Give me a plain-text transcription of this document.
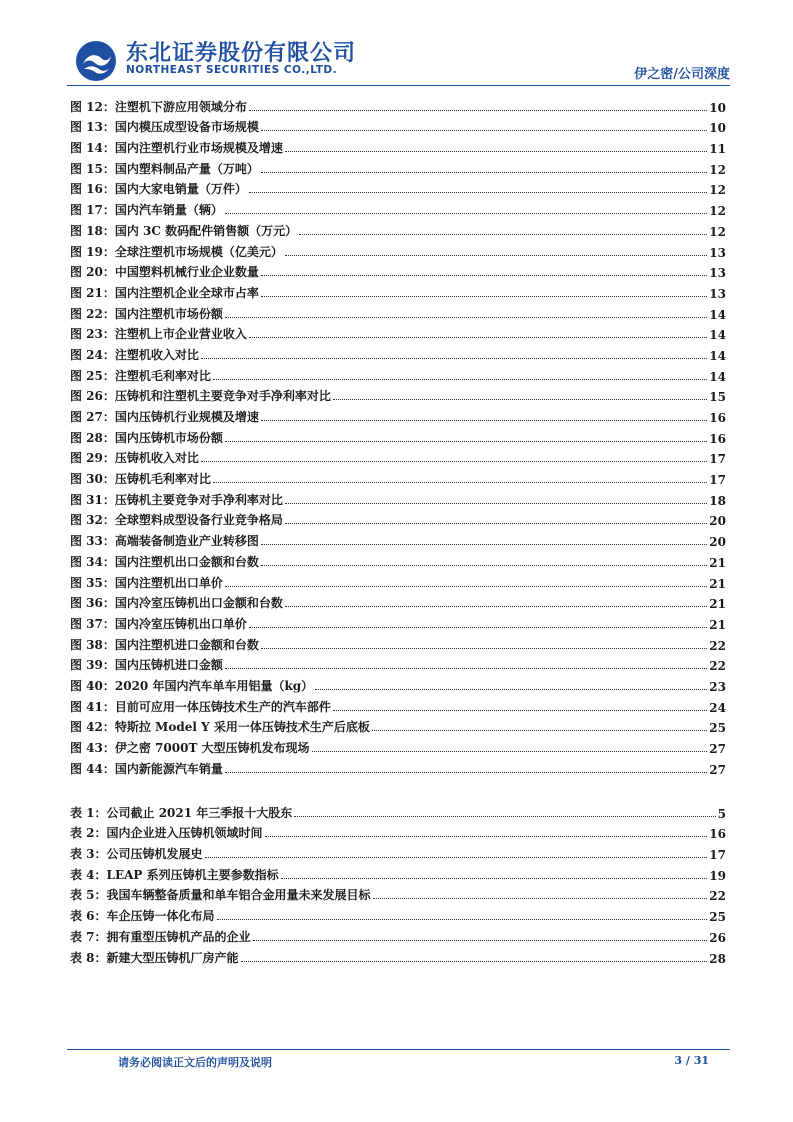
东北证券股份有限公司
NORTHEAST SECURITIES CO.,LTD.	伊之密/公司深度
图 12：注塑机下游应用领域分布	10
图 13：国内模压成型设备市场规模	10
图 14：国内注塑机行业市场规模及增速	11
图 15：国内塑料制品产量（万吨）	12
图 16：国内大家电销量（万件）	12
图 17：国内汽车销量（辆）	12
图 18：国内 3C 数码配件销售额（万元）	12
图 19：全球注塑机市场规模（亿美元）	13
图 20：中国塑料机械行业企业数量	13
图 21：国内注塑机企业全球市占率	13
图 22：国内注塑机市场份额	14
图 23：注塑机上市企业营业收入	14
图 24：注塑机收入对比	14
图 25：注塑机毛利率对比	14
图 26：压铸机和注塑机主要竞争对手净利率对比	15
图 27：国内压铸机行业规模及增速	16
图 28：国内压铸机市场份额	16
图 29：压铸机收入对比	17
图 30：压铸机毛利率对比	17
图 31：压铸机主要竞争对手净利率对比	18
图 32：全球塑料成型设备行业竞争格局	20
图 33：高端装备制造业产业转移图	20
图 34：国内注塑机出口金额和台数	21
图 35：国内注塑机出口单价	21
图 36：国内冷室压铸机出口金额和台数	21
图 37：国内冷室压铸机出口单价	21
图 38：国内注塑机进口金额和台数	22
图 39：国内压铸机进口金额	22
图 40：2020 年国内汽车单车用铝量（kg）	23
图 41：目前可应用一体压铸技术生产的汽车部件	24
图 42：特斯拉 Model Y 采用一体压铸技术生产后底板	25
图 43：伊之密 7000T 大型压铸机发布现场	27
图 44：国内新能源汽车销量	27
表 1：公司截止 2021 年三季报十大股东	5
表 2：国内企业进入压铸机领域时间	16
表 3：公司压铸机发展史	17
表 4：LEAP 系列压铸机主要参数指标	19
表 5：我国车辆整备质量和单车铝合金用量未来发展目标	22
表 6：车企压铸一体化布局	25
表 7：拥有重型压铸机产品的企业	26
表 8：新建大型压铸机厂房产能	28
请务必阅读正文后的声明及说明	3 / 31
